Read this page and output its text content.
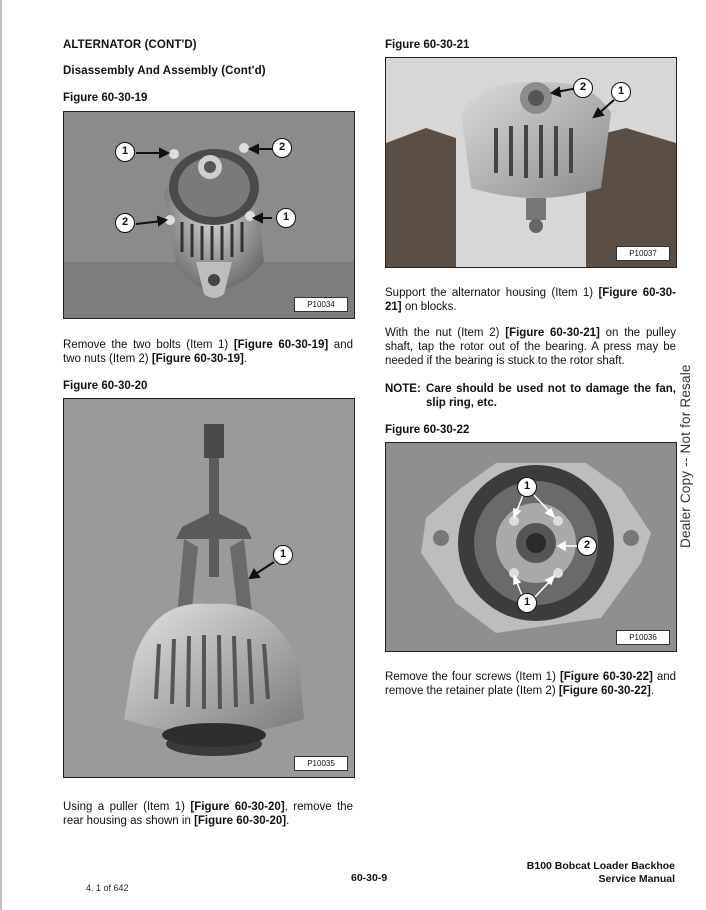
ALTERNATOR (CONT'D)
Disassembly And Assembly (Cont'd)
Figure 60-30-19
1	2
2	1
P10034
Remove the two bolts (Item 1) [Figure 60-30-19] and two nuts (Item 2) [Figure 60-30-19].
Figure 60-30-20
1
P10035
Using a puller (Item 1) [Figure 60-30-20], remove the rear housing as shown in [Figure 60-30-20].
Figure 60-30-21
2	1
P10037
Support the alternator housing (Item 1) [Figure 60-30-21] on blocks.
With the nut (Item 2) [Figure 60-30-21] on the pulley shaft, tap the rotor out of the bearing. A press may be needed if the bearing is stuck to the rotor shaft.
NOTE: Care should be used not to damage the fan, slip ring, etc.
Figure 60-30-22
1
2
1
P10036
Remove the four screws (Item 1) [Figure 60-30-22] and remove the retainer plate (Item 2) [Figure 60-30-22].
Dealer Copy -- Not for Resale
60-30-9
B100 Bobcat Loader Backhoe
Service Manual
4. 1 of 642
